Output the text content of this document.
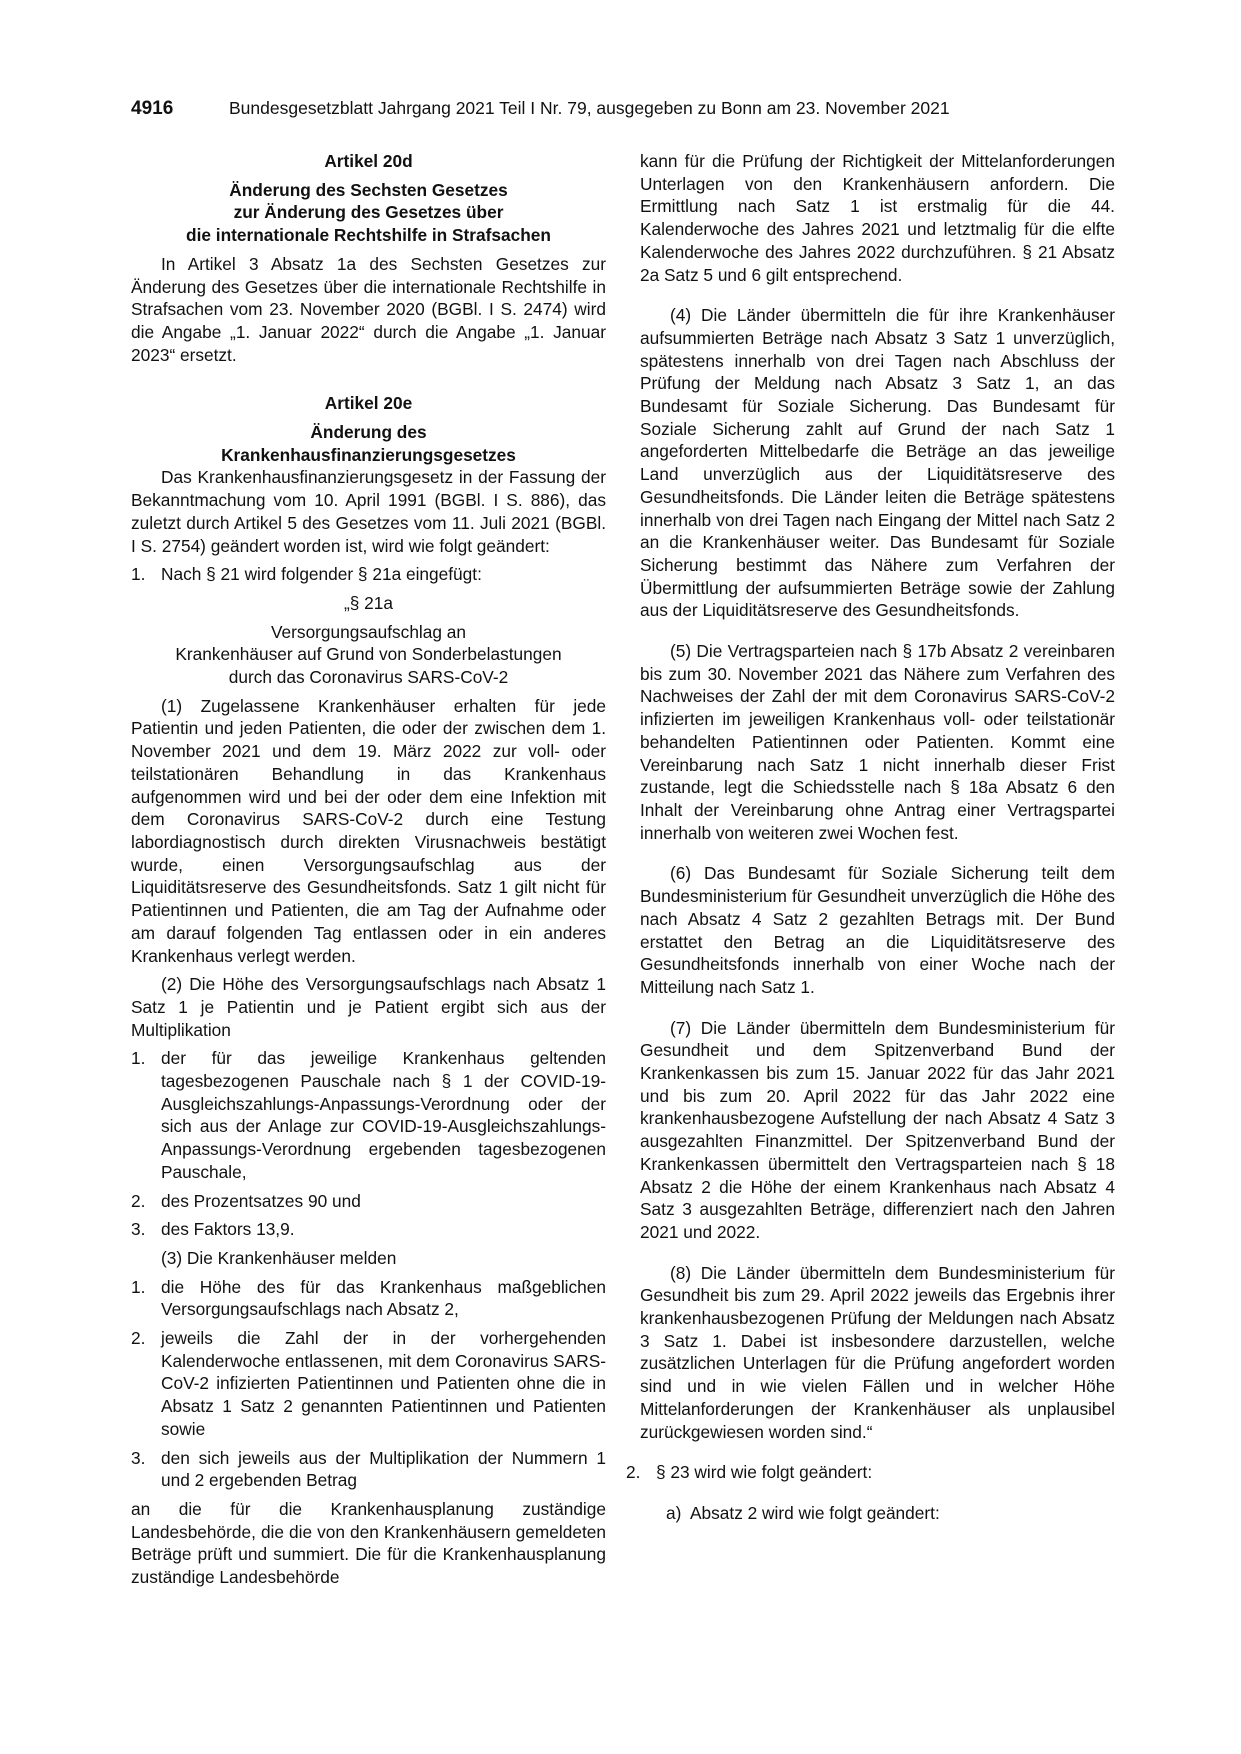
4916	Bundesgesetzblatt Jahrgang 2021 Teil I Nr. 79, ausgegeben zu Bonn am 23. November 2021

Artikel 20d

Änderung des Sechsten Gesetzes
zur Änderung des Gesetzes über
die internationale Rechtshilfe in Strafsachen

In Artikel 3 Absatz 1a des Sechsten Gesetzes zur Änderung des Gesetzes über die internationale Rechtshilfe in Strafsachen vom 23. November 2020 (BGBl. I S. 2474) wird die Angabe „1. Januar 2022“ durch die Angabe „1. Januar 2023“ ersetzt.

Artikel 20e

Änderung des
Krankenhausfinanzierungsgesetzes

Das Krankenhausfinanzierungsgesetz in der Fassung der Bekanntmachung vom 10. April 1991 (BGBl. I S. 886), das zuletzt durch Artikel 5 des Gesetzes vom 11. Juli 2021 (BGBl. I S. 2754) geändert worden ist, wird wie folgt geändert:

1. Nach § 21 wird folgender § 21a eingefügt:

„§ 21a

Versorgungsaufschlag an
Krankenhäuser auf Grund von Sonderbelastungen
durch das Coronavirus SARS-CoV-2

(1) Zugelassene Krankenhäuser erhalten für jede Patientin und jeden Patienten, die oder der zwischen dem 1. November 2021 und dem 19. März 2022 zur voll- oder teilstationären Behandlung in das Krankenhaus aufgenommen wird und bei der oder dem eine Infektion mit dem Coronavirus SARS-CoV-2 durch eine Testung labordiagnostisch durch direkten Virusnachweis bestätigt wurde, einen Versorgungsaufschlag aus der Liquiditätsreserve des Gesundheitsfonds. Satz 1 gilt nicht für Patientinnen und Patienten, die am Tag der Aufnahme oder am darauf folgenden Tag entlassen oder in ein anderes Krankenhaus verlegt werden.

(2) Die Höhe des Versorgungsaufschlags nach Absatz 1 Satz 1 je Patientin und je Patient ergibt sich aus der Multiplikation

1. der für das jeweilige Krankenhaus geltenden tagesbezogenen Pauschale nach § 1 der COVID-19-Ausgleichszahlungs-Anpassungs-Verordnung oder der sich aus der Anlage zur COVID-19-Ausgleichszahlungs-Anpassungs-Verordnung ergebenden tagesbezogenen Pauschale,
2. des Prozentsatzes 90 und
3. des Faktors 13,9.

(3) Die Krankenhäuser melden

1. die Höhe des für das Krankenhaus maßgeblichen Versorgungsaufschlags nach Absatz 2,
2. jeweils die Zahl der in der vorhergehenden Kalenderwoche entlassenen, mit dem Coronavirus SARS-CoV-2 infizierten Patientinnen und Patienten ohne die in Absatz 1 Satz 2 genannten Patientinnen und Patienten sowie
3. den sich jeweils aus der Multiplikation der Nummern 1 und 2 ergebenden Betrag

an die für die Krankenhausplanung zuständige Landesbehörde, die die von den Krankenhäusern gemeldeten Beträge prüft und summiert. Die für die Krankenhausplanung zuständige Landesbehörde

kann für die Prüfung der Richtigkeit der Mittelanforderungen Unterlagen von den Krankenhäusern anfordern. Die Ermittlung nach Satz 1 ist erstmalig für die 44. Kalenderwoche des Jahres 2021 und letztmalig für die elfte Kalenderwoche des Jahres 2022 durchzuführen. § 21 Absatz 2a Satz 5 und 6 gilt entsprechend.

(4) Die Länder übermitteln die für ihre Krankenhäuser aufsummierten Beträge nach Absatz 3 Satz 1 unverzüglich, spätestens innerhalb von drei Tagen nach Abschluss der Prüfung der Meldung nach Absatz 3 Satz 1, an das Bundesamt für Soziale Sicherung. Das Bundesamt für Soziale Sicherung zahlt auf Grund der nach Satz 1 angeforderten Mittelbedarfe die Beträge an das jeweilige Land unverzüglich aus der Liquiditätsreserve des Gesundheitsfonds. Die Länder leiten die Beträge spätestens innerhalb von drei Tagen nach Eingang der Mittel nach Satz 2 an die Krankenhäuser weiter. Das Bundesamt für Soziale Sicherung bestimmt das Nähere zum Verfahren der Übermittlung der aufsummierten Beträge sowie der Zahlung aus der Liquiditätsreserve des Gesundheitsfonds.

(5) Die Vertragsparteien nach § 17b Absatz 2 vereinbaren bis zum 30. November 2021 das Nähere zum Verfahren des Nachweises der Zahl der mit dem Coronavirus SARS-CoV-2 infizierten im jeweiligen Krankenhaus voll- oder teilstationär behandelten Patientinnen oder Patienten. Kommt eine Vereinbarung nach Satz 1 nicht innerhalb dieser Frist zustande, legt die Schiedsstelle nach § 18a Absatz 6 den Inhalt der Vereinbarung ohne Antrag einer Vertragspartei innerhalb von weiteren zwei Wochen fest.

(6) Das Bundesamt für Soziale Sicherung teilt dem Bundesministerium für Gesundheit unverzüglich die Höhe des nach Absatz 4 Satz 2 gezahlten Betrags mit. Der Bund erstattet den Betrag an die Liquiditätsreserve des Gesundheitsfonds innerhalb von einer Woche nach der Mitteilung nach Satz 1.

(7) Die Länder übermitteln dem Bundesministerium für Gesundheit und dem Spitzenverband Bund der Krankenkassen bis zum 15. Januar 2022 für das Jahr 2021 und bis zum 20. April 2022 für das Jahr 2022 eine krankenhausbezogene Aufstellung der nach Absatz 4 Satz 3 ausgezahlten Finanzmittel. Der Spitzenverband Bund der Krankenkassen übermittelt den Vertragsparteien nach § 18 Absatz 2 die Höhe der einem Krankenhaus nach Absatz 4 Satz 3 ausgezahlten Beträge, differenziert nach den Jahren 2021 und 2022.

(8) Die Länder übermitteln dem Bundesministerium für Gesundheit bis zum 29. April 2022 jeweils das Ergebnis ihrer krankenhausbezogenen Prüfung der Meldungen nach Absatz 3 Satz 1. Dabei ist insbesondere darzustellen, welche zusätzlichen Unterlagen für die Prüfung angefordert worden sind und in wie vielen Fällen und in welcher Höhe Mittelanforderungen der Krankenhäuser als unplausibel zurückgewiesen worden sind.“

2. § 23 wird wie folgt geändert:
a) Absatz 2 wird wie folgt geändert:
